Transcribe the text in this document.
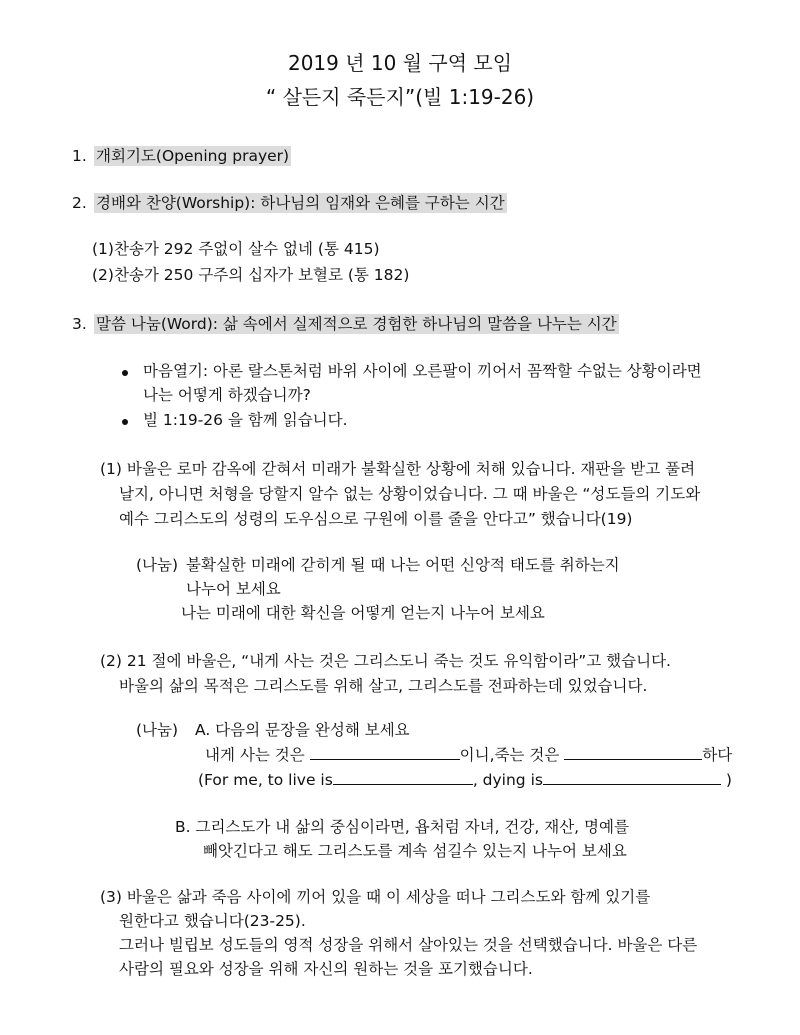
2019 년 10 월 구역 모임
“ 살든지 죽든지”(빌 1:19-26)
1. 개회기도(Opening prayer)
2. 경배와 찬양(Worship): 하나님의 임재와 은혜를 구하는 시간
(1)찬송가 292 주없이 살수 없네 (통 415)
(2)찬송가 250 구주의 십자가 보혈로 (통 182)
3. 말씀 나눔(Word): 삶 속에서 실제적으로 경험한 하나님의 말씀을 나누는 시간
마음열기: 아론 랄스톤처럼 바위 사이에 오른팔이 끼어서 꼼짝할 수없는 상황이라면
나는 어떻게 하겠습니까?
빌 1:19-26 을 함께 읽습니다.
(1) 바울은 로마 감옥에 갇혀서 미래가 불확실한 상황에 처해 있습니다. 재판을 받고 풀려
날지, 아니면 처형을 당할지 알수 없는 상황이었습니다. 그 때 바울은 “성도들의 기도와
예수 그리스도의 성령의 도우심으로 구원에 이를 줄을 안다고” 했습니다(19)
(나눔) 불확실한 미래에 갇히게 될 때 나는 어떤 신앙적 태도를 취하는지
나누어 보세요
나는 미래에 대한 확신을 어떻게 얻는지 나누어 보세요
(2) 21 절에 바울은, “내게 사는 것은 그리스도니 죽는 것도 유익함이라”고 했습니다.
바울의 삶의 목적은 그리스도를 위해 살고, 그리스도를 전파하는데 있었습니다.
(나눔) A. 다음의 문장을 완성해 보세요
내게 사는 것은	이니,죽는 것은	하다
(For me, to live is	, dying is	)
B. 그리스도가 내 삶의 중심이라면, 욥처럼 자녀, 건강, 재산, 명예를
빼앗긴다고 해도 그리스도를 계속 섬길수 있는지 나누어 보세요
(3) 바울은 삶과 죽음 사이에 끼어 있을 때 이 세상을 떠나 그리스도와 함께 있기를
원한다고 했습니다(23-25).
그러나 빌립보 성도들의 영적 성장을 위해서 살아있는 것을 선택했습니다. 바울은 다른
사람의 필요와 성장을 위해 자신의 원하는 것을 포기했습니다.
